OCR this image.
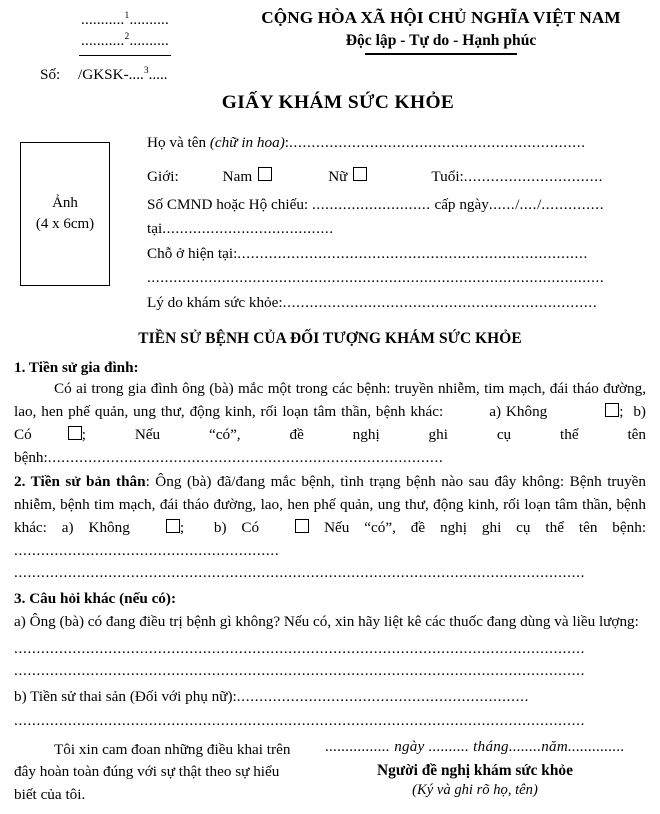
...........$^1$..........
...........$^2$..........
CỘNG HÒA XÃ HỘI CHỦ NGHĨA VIỆT NAM
Độc lập - Tự do - Hạnh phúc
Số: /GKSK-....$^3$.....
GIẤY KHÁM SỨC KHỎE
Ảnh
(4 x 6cm)
Họ và tên
(chữ in hoa) : ..................................................................
Giới:	Nam	Nữ	Tuổi: ...............................
Số CMND hoặc Hộ chiếu:
...........................
cấp ngày ...... / .... / ..............
tại.......................................
Chỗ ở hiện tại: ..............................................................................
........................................................................................................
Lý do khám sức khỏe: ......................................................................
TIỀN SỬ BỆNH CỦA ĐỐI TƯỢNG KHÁM SỨC KHỎE
1. Tiền sử gia đình:

Có ai trong gia đình ông (bà) mắc một trong các bệnh: truyền nhiễm, tim mạch, đái tháo đường, lao, hen phế quản, ung thư, động kinh, rối loạn tâm thần, bệnh khác:	a) Không	; b) Có	; Nếu “có”, đề nghị ghi cụ thể tên bệnh:........................................................................................

2. Tiền sử bản thân: Ông (bà) đã/đang mắc bệnh, tình trạng bệnh nào sau đây không: Bệnh truyền nhiễm, bệnh tim mạch, đái tháo đường, lao, hen phế quản, ung thư, động kinh, rối loạn tâm thần, bệnh khác: a) Không	; b) Có	Nếu “có”, đề nghị ghi cụ thể tên bệnh: ...........................................................

...............................................................................................................................
3. Câu hỏi khác (nếu có):

a) Ông (bà) có đang điều trị bệnh gì không? Nếu có, xin hãy liệt kê các thuốc đang dùng và liều lượng:

...............................................................................................................................
...............................................................................................................................
b) Tiền sử thai sản (Đối với phụ nữ): .................................................................
...............................................................................................................................
Tôi xin cam đoan những điều khai trên đây hoàn toàn đúng với sự thật theo sự hiểu biết của tôi.
................ ngày .......... tháng........năm..............
Người đề nghị khám sức khỏe
(Ký và ghi rõ họ, tên)
